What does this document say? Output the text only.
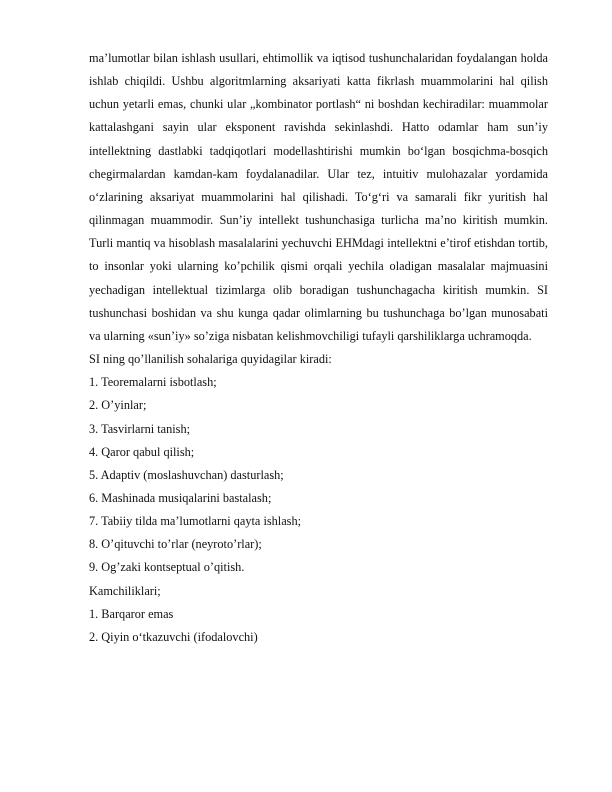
ma’lumotlar bilan ishlash usullari, ehtimollik va iqtisod tushunchalaridan foydalangan holda ishlab chiqildi. Ushbu algoritmlarning aksariyati katta fikrlash muammolarini hal qilish uchun yetarli emas, chunki ular „kombinator portlash“ ni boshdan kechiradilar: muammolar kattalashgani sayin ular eksponent ravishda sekinlashdi. Hatto odamlar ham sun’iy intellektning dastlabki tadqiqotlari modellashtirishi mumkin bo‘lgan bosqichma-bosqich chegirmalardan kamdan-kam foydalanadilar. Ular tez, intuitiv mulohazalar yordamida o‘zlarining aksariyat muammolarini hal qilishadi. To‘g‘ri va samarali fikr yuritish hal qilinmagan muammodir. Sun’iy intellekt tushunchasiga turlicha ma’no kiritish mumkin. Turli mantiq va hisoblash masalalarini yechuvchi EHMdagi intellektni e’tirof etishdan tortib, to insonlar yoki ularning ko’pchilik qismi orqali yechila oladigan masalalar majmuasini yechadigan intellektual tizimlarga olib boradigan tushunchagacha kiritish mumkin. SI tushunchasi boshidan va shu kunga qadar olimlarning bu tushunchaga bo’lgan munosabati va ularning «sun’iy» so’ziga nisbatan kelishmovchiligi tufayli qarshiliklarga uchramoqda.

SI ning qo’llanilish sohalariga quyidagilar kiradi:

1. Teoremalarni isbotlash;

2. O’yinlar;

3. Tasvirlarni tanish;

4. Qaror qabul qilish;

5. Adaptiv (moslashuvchan) dasturlash;

6. Mashinada musiqalarini bastalash;

7. Tabiiy tilda ma’lumotlarni qayta ishlash;

8. O’qituvchi to’rlar (neyroto’rlar);

9. Og’zaki kontseptual o’qitish.

Kamchiliklari;

1. Barqaror emas

2. Qiyin o‘tkazuvchi (ifodalovchi)
